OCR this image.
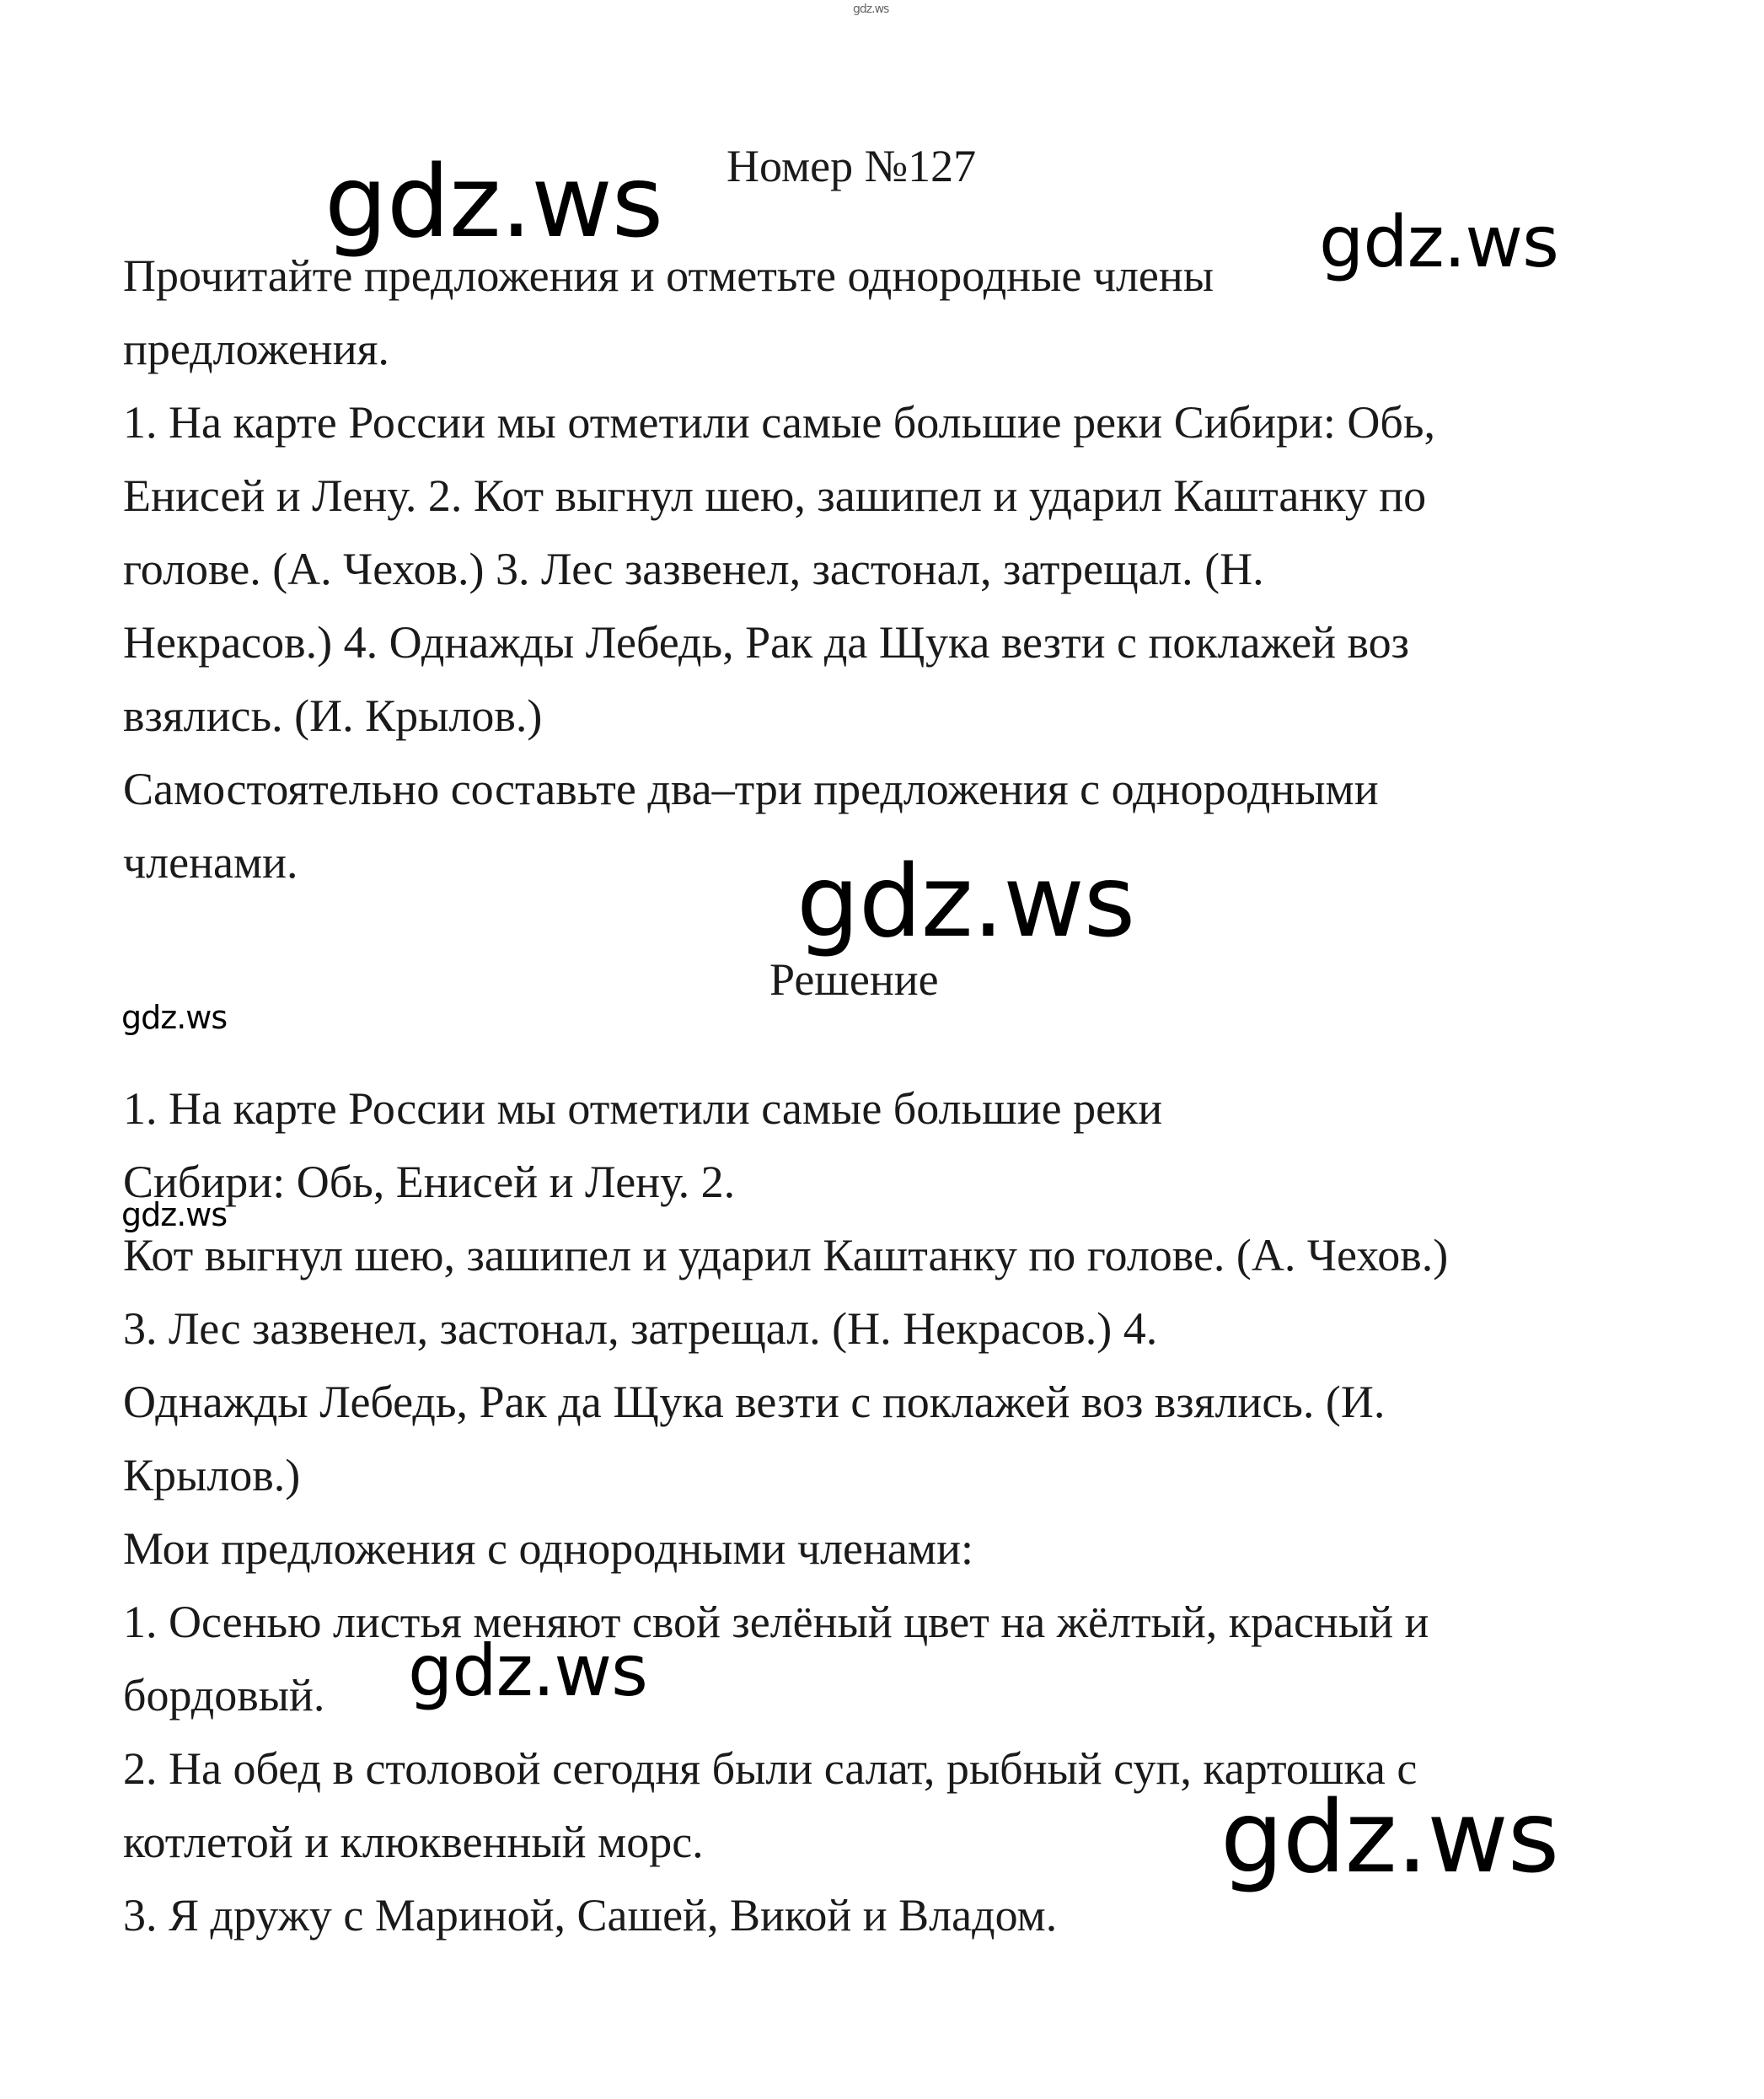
gdz.ws
Номер №127
gdz.ws	gdz.ws
Прочитайте предложения и отметьте однородные члены
предложения.
1. На карте России мы отметили самые большие реки Сибири: Обь,
Енисей и Лену. 2. Кот выгнул шею, зашипел и ударил Каштанку по
голове. (А. Чехов.) 3. Лес зазвенел, застонал, затрещал. (Н.
Некрасов.) 4. Однажды Лебедь, Рак да Щука везти с поклажей воз
взялись. (И. Крылов.)
Самостоятельно составьте два–три предложения с однородными
членами.	gdz.ws
Решение
gdz.ws
1. На карте России мы отметили самые большие реки
Сибири: Обь, Енисей и Лену. 2.
Кот выгнул шею, зашипел и ударил Каштанку по голове. (А. Чехов.)
3. Лес зазвенел, застонал, затрещал. (Н. Некрасов.) 4.
Однажды Лебедь, Рак да Щука везти с поклажей воз взялись. (И.
Крылов.)
Мои предложения с однородными членами:
1. Осенью листья меняют свой зелёный цвет на жёлтый, красный и
бордовый.
2. На обед в столовой сегодня были салат, рыбный суп, картошка с
котлетой и клюквенный морс.
3. Я дружу с Мариной, Сашей, Викой и Владом.
gdz.ws
gdz.ws
gdz.ws
